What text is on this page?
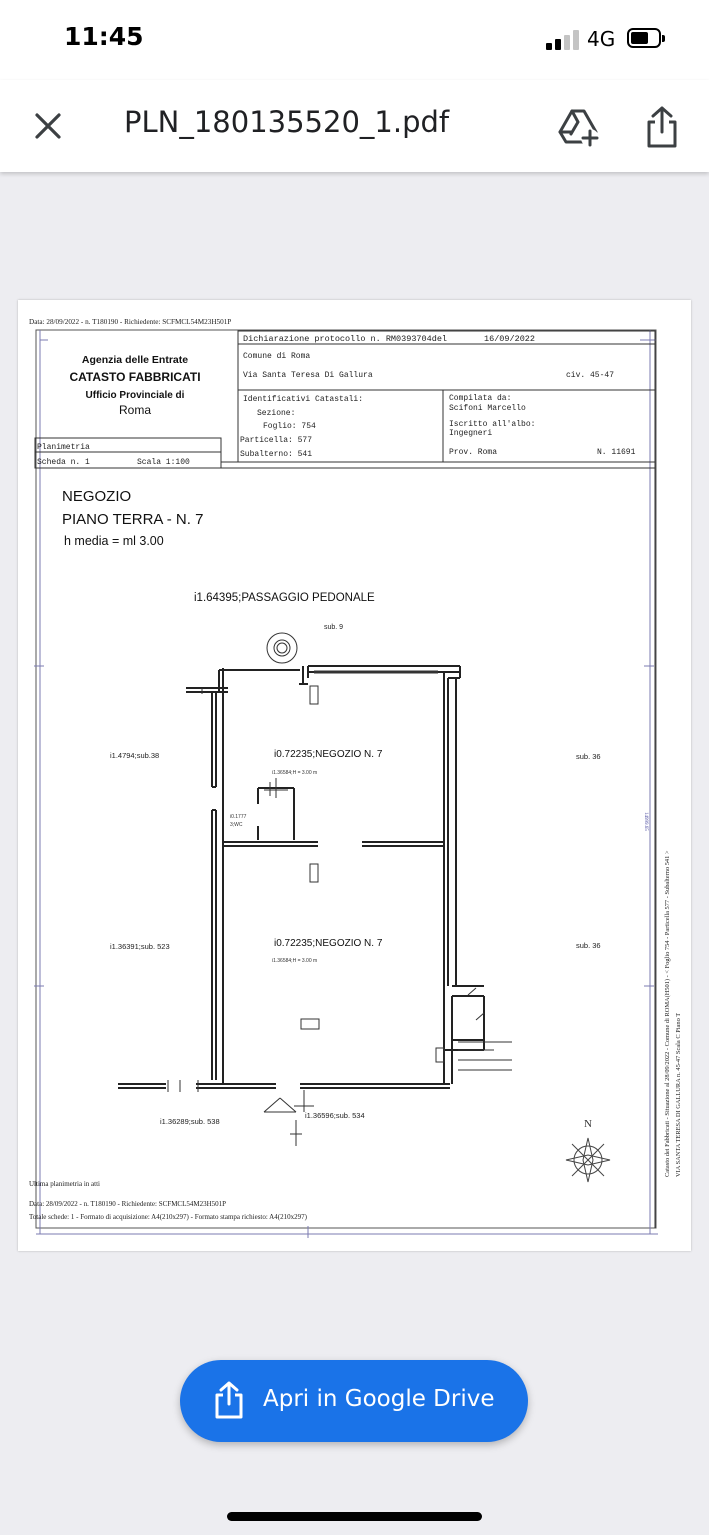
11:45	4G
PLN_180135520_1.pdf
Data: 28/09/2022 - n. T180190 - Richiedente: SCFMCL54M23H501P
Agenzia delle Entrate
CATASTO FABBRICATI
Ufficio Provinciale di
Roma
Dichiarazione protocollo n. RM0393704del	16/09/2022
Comune di Roma
Via Santa Teresa Di Gallura	civ. 45-47
Identificativi Catastali:
Sezione:
Foglio: 754
Particella: 577
Subalterno: 541
Compilata da:
Scifoni Marcello
Iscritto all'albo:
Ingegneri
Prov. Roma	N. 11691
Planimetria
Scheda n. 1	Scala 1:100
NEGOZIO
PIANO TERRA - N. 7
h media = ml 3.00
i1.64395;PASSAGGIO PEDONALE
sub. 9
i1.4794;sub.38
i1.36391;sub. 523
sub. 36
sub. 36
i0.72235;NEGOZIO N. 7
i1.36584;H = 3.00 m
i0.72235;NEGOZIO N. 7
i1.36584;H = 3.00 m
i0.1777
3;WC
i1.36289;sub. 538
i1.36596;sub. 534
N
14999.65
Catasto dei Fabbricati - Situazione al 28/09/2022 - Comune di ROMA(H501) - < Foglio 754 - Particella 577 - Subalterno 541 > VIA SANTA TERESA DI GALLURA n. 45-47 Scala C Piano T
Ultima planimetria in atti
Data: 28/09/2022 - n. T180190 - Richiedente: SCFMCL54M23H501P
Totale schede: 1 - Formato di acquisizione: A4(210x297) - Formato stampa richiesto: A4(210x297)
Apri in Google Drive
